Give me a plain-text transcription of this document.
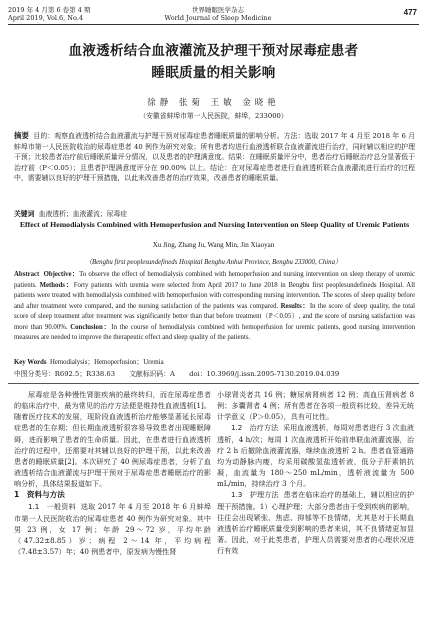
2019 年 4 月第 6 卷第 4 期
April 2019, Vol.6, No.4
世界睡眠医学杂志
World Journal of Sleep Medicine
477
血液透析结合血液灌流及护理干预对尿毒症患者
睡眠质量的相关影响
徐静 张菊 王敏 金晓艳
（安徽省蚌埠市第一人民医院，蚌埠，233000）
摘要 目的：观察血液透析结合血液灌流与护理干预对尿毒症患者睡眠质量的影响分析。方法：选取 2017 年 4 月至 2018 年 6 月蚌埠市第一人民医院收治的尿毒症患者 40 例作为研究对象；所有患者均进行血液透析联合血液灌流进行治疗，同时辅以相应的护理干预；比较患者治疗前后睡眠质量评分情况，以及患者的护理满意度。结果：在睡眠质量评分中，患者治疗后睡眠治疗总分显著低于治疗前（P＜0.05）；且患者护理满意度评分在 90.00% 以上。结论：在对尿毒症患者进行血液透析联合血液灌流进行治疗的过程中，需要辅以良好的护理干预措施，以此来改善患者的治疗效果，改善患者的睡眠质量。
关键词 血液透析；血液灌流；尿毒症
Effect of Hemodialysis Combined with Hemoperfusion and Nursing Intervention on Sleep Quality of Uremic Patients
Xu Jing, Zhang Ju, Wang Min, Jin Xiaoyan
（Bengbu first peoplesundefineds Hospital Bengbu Anhui Province, Bengbu 233000, China）
Abstract Objective：To observe the effect of hemodialysis combined with hemoperfusion and nursing intervention on sleep therapy of uremic patients. Methods：Forty patients with uremia were selected from April 2017 to June 2018 in Bengbu first peoplesundefineds Hospital. All patients were treated with hemodialysis combined with hemoperfusion with corresponding nursing intervention. The scores of sleep quality before and after treatment were compared, and the nursing satisfaction of the patients was compared. Results：In the score of sleep quality, the total score of sleep treatment after treatment was significantly better than that before treatment（P＜0.05）, and the score of nursing satisfaction was more than 90.00%. Conclusion：In the course of hemodialysis combined with hemoperfusion for uremic patients, good nursing intervention measures are needed to improve the therapeutic effect and sleep quality of the patients.
Key Words Hemodialysis；Hemoperfusion；Uremia
中图分类号：R692.5；R338.63 文献标识码：A doi：10.3969/j.issn.2095-7130.2019.04.039

尿毒症是各种慢性肾脏疾病的最终转归，而在尿毒症患者的临床治疗中，最为常见的治疗方法便是维持性血液透析[1]。随着医疗技术的发展，现阶段血液透析治疗能够显著延长尿毒症患者的生存期；但长期血液透析很容易导致患者出现睡眠障碍，进而影响了患者的生命质量。因此，在患者进行血液透析治疗的过程中，还需要对其辅以良好的护理干预，以此来改善患者的睡眠质量[2]。本次研究了 40 例尿毒症患者，分析了血液透析结合血液灌流与护理干预对于尿毒症患者睡眠治疗的影响分析，具体结果报道如下。

1　资料与方法

1.1　一般资料 选取 2017 年 4 月至 2018 年 6 月蚌埠市第一人民医院收治的尿毒症患者 40 例作为研究对象。其中男 23 例，女 17 例；年龄 29～72 岁，平均年龄（47.32±8.85）岁；病程 2～14 年，平均病程（7.48±3.57）年；40 例患者中，原发病为慢性肾

小球肾炎者共 16 例；糖尿病肾病者 12 例；高血压肾病者 8 例；多囊肾者 4 例；所有患者在各项一般资料比较，差异无统计学意义（P＞0.05），具有可比性。

1.2　治疗方法 采用血液透析，每周对患者进行 3 次血液透析，4 h/次；每周 1 次血液透析开始前串联血液灌流器，治疗 2 h 后撤除血液灌流器，继续血液透析 2 h。患者血管通路均为动静脉内瘘，均采用碳酸氢盐透析液，低分子肝素钠抗凝，血流量为 180～250 mL/min，透析液流量为 500 mL/min，持续治疗 3 个月。

1.3　护理方法 患者在临床治疗的基础上，辅以相应的护理干预措施。1）心理护理：大部分患者由于受到疾病的影响，往往会出现紧张、焦虑、抑郁等不良情绪，尤其是对于长期血液透析治疗睡眠质量受到影响的患者来说，其不良情绪更加显著。因此，对于此类患者，护理人员需要对患者的心理状况进行有效
